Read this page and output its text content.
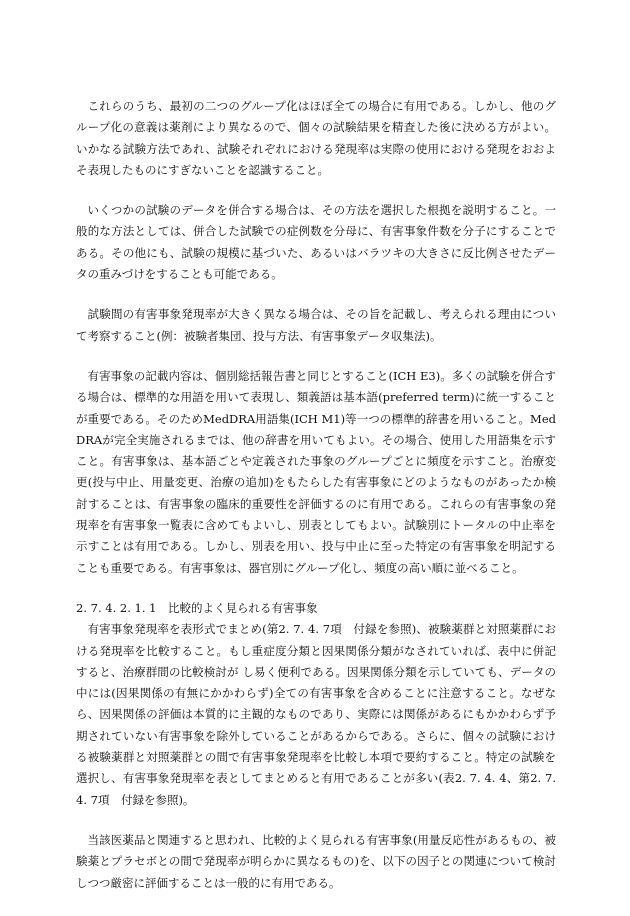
これらのうち、最初の二つのグループ化はほぼ全ての場合に有用である。しかし、他のグループ化の意義は薬剤により異なるので、個々の試験結果を精査した後に決める方がよい。いかなる試験方法であれ、試験それぞれにおける発現率は実際の使用における発現をおおよそ表現したものにすぎないことを認識すること。

いくつかの試験のデータを併合する場合は、その方法を選択した根拠を説明すること。一般的な方法としては、併合した試験での症例数を分母に、有害事象件数を分子にすることである。その他にも、試験の規模に基づいた、あるいはバラツキの大きさに反比例させたデータの重みづけをすることも可能である。

試験間の有害事象発現率が大きく異なる場合は、その旨を記載し、考えられる理由について考察すること(例：被験者集団、投与方法、有害事象データ収集法)。

有害事象の記載内容は、個別総括報告書と同じとすること(ICH E3)。多くの試験を併合する場合は、標準的な用語を用いて表現し、類義語は基本語(preferred term)に統一することが重要である。そのためMedDRA用語集(ICH M1)等一つの標準的辞書を用いること。MedDRAが完全実施されるまでは、他の辞書を用いてもよい。その場合、使用した用語集を示すこと。有害事象は、基本語ごとや定義された事象のグループごとに頻度を示すこと。治療変更(投与中止、用量変更、治療の追加)をもたらした有害事象にどのようなものがあったか検討することは、有害事象の臨床的重要性を評価するのに有用である。これらの有害事象の発現率を有害事象一覧表に含めてもよいし、別表としてもよい。試験別にトータルの中止率を示すことは有用である。しかし、別表を用い、投与中止に至った特定の有害事象を明記することも重要である。有害事象は、器官別にグループ化し、頻度の高い順に並べること。

2. 7. 4. 2. 1. 1　比較的よく見られる有害事象

有害事象発現率を表形式でまとめ(第2. 7. 4. 7項　付録を参照)、被験薬群と対照薬群における発現率を比較すること。もし重症度分類と因果関係分類がなされていれば、表中に併記すると、治療群間の比較検討が し易く便利である。因果関係分類を示していても、データの中には(因果関係の有無にかかわらず)全ての有害事象を含めることに注意すること。なぜなら、因果関係の評価は本質的に主観的なものであり、実際には関係があるにもかかわらず予期されていない有害事象を除外していることがあるからである。さらに、個々の試験における被験薬群と対照薬群との間で有害事象発現率を比較し本項で要約すること。特定の試験を選択し、有害事象発現率を表としてまとめると有用であることが多い(表2. 7. 4. 4、第2. 7. 4. 7項　付録を参照)。

当該医薬品と関連すると思われ、比較的よく見られる有害事象(用量反応性があるもの、被験薬とプラセボとの間で発現率が明らかに異なるもの)を、以下の因子との関連について検討しつつ厳密に評価することは一般的に有用である。
